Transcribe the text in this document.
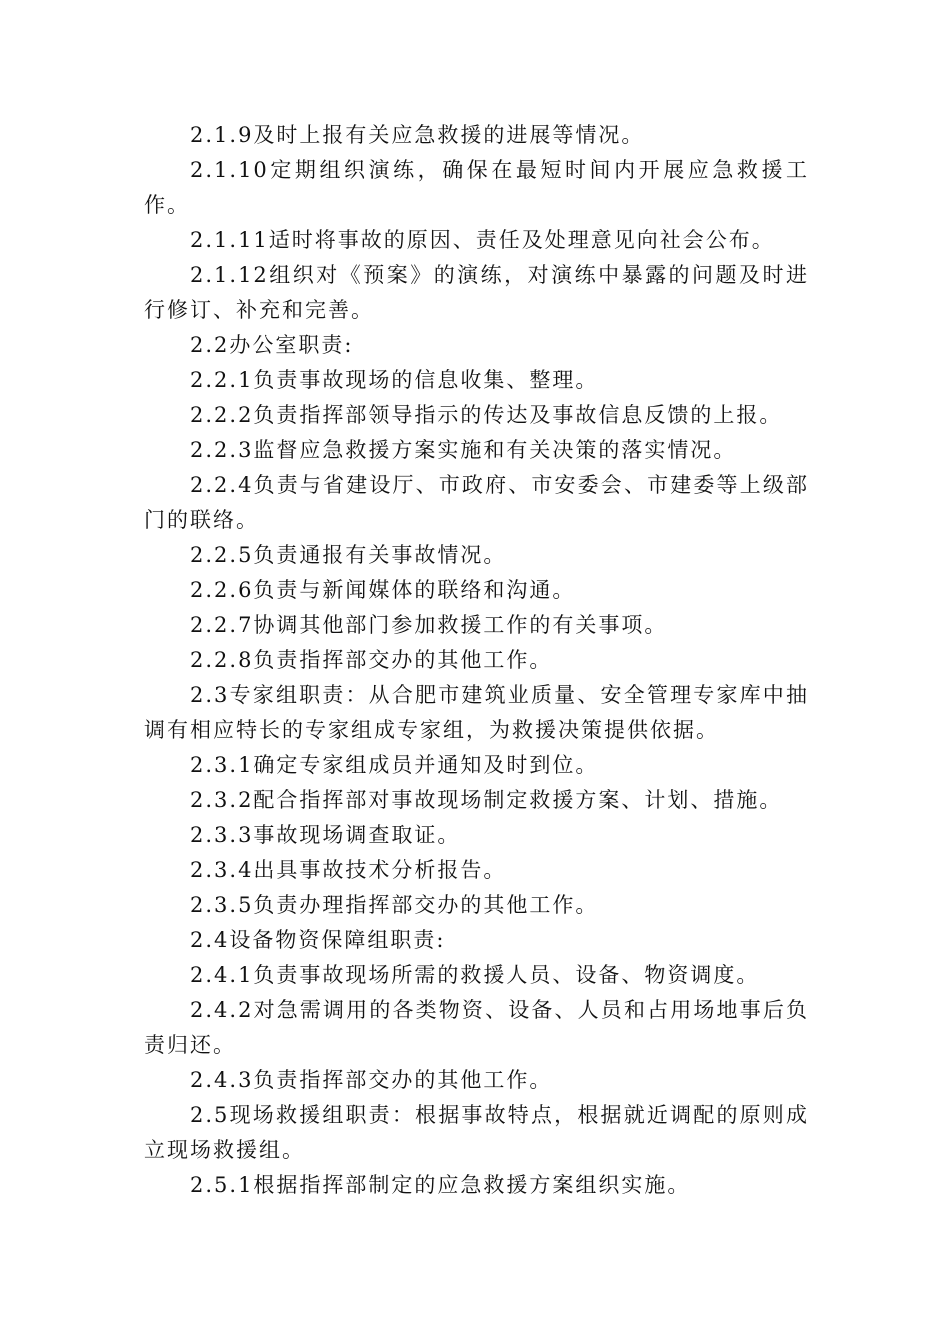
2.1.9及时上报有关应急救援的进展等情况。

2.1.10定期组织演练，确保在最短时间内开展应急救援工作。

2.1.11适时将事故的原因、责任及处理意见向社会公布。

2.1.12组织对《预案》的演练，对演练中暴露的问题及时进行修订、补充和完善。

2.2办公室职责:

2.2.1负责事故现场的信息收集、整理。

2.2.2负责指挥部领导指示的传达及事故信息反馈的上报。

2.2.3监督应急救援方案实施和有关决策的落实情况。

2.2.4负责与省建设厅、市政府、市安委会、市建委等上级部门的联络。

2.2.5负责通报有关事故情况。

2.2.6负责与新闻媒体的联络和沟通。

2.2.7协调其他部门参加救援工作的有关事项。

2.2.8负责指挥部交办的其他工作。

2.3专家组职责：从合肥市建筑业质量、安全管理专家库中抽调有相应特长的专家组成专家组，为救援决策提供依据。

2.3.1确定专家组成员并通知及时到位。

2.3.2配合指挥部对事故现场制定救援方案、计划、措施。

2.3.3事故现场调查取证。

2.3.4出具事故技术分析报告。

2.3.5负责办理指挥部交办的其他工作。

2.4设备物资保障组职责:

2.4.1负责事故现场所需的救援人员、设备、物资调度。

2.4.2对急需调用的各类物资、设备、人员和占用场地事后负责归还。

2.4.3负责指挥部交办的其他工作。

2.5现场救援组职责：根据事故特点，根据就近调配的原则成立现场救援组。

2.5.1根据指挥部制定的应急救援方案组织实施。
